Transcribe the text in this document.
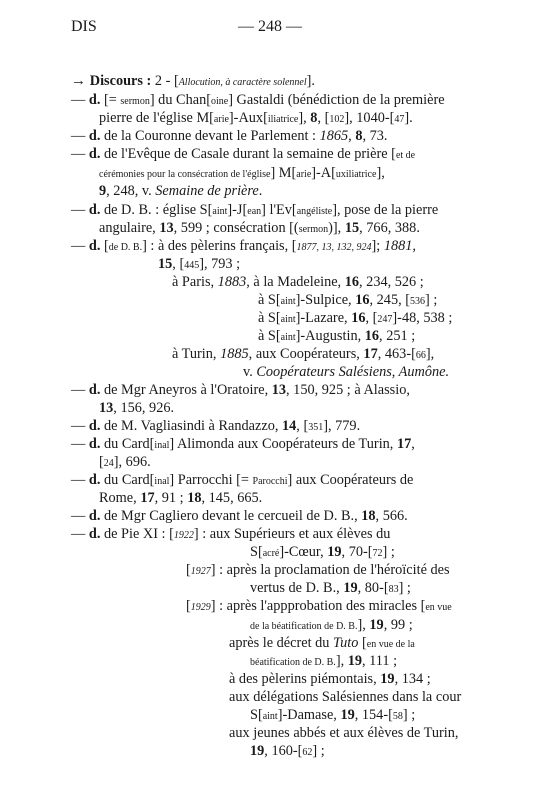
DIS	— 248 —
→ Discours : 2 - [Allocution, à caractère solennel].
— d. [= sermon] du Chan[oine] Gastaldi (bénédiction de la première
pierre de l'église M[arie]-Aux[iliatrice], 8, [102], 1040-[47].
— d. de la Couronne devant le Parlement : 1865, 8, 73.
— d. de l'Evêque de Casale durant la semaine de prière [et de
cérémonies pour la consécration de l'église] M[arie]-A[uxiliatrice],
9, 248, v. Semaine de prière.
— d. de D. B. : église S[aint]-J[ean] l'Ev[angéliste], pose de la pierre
angulaire, 13, 599 ; consécration [(sermon)], 15, 766, 388.
— d. [de D. B.] : à des pèlerins français, [1877, 13, 132, 924]; 1881,
15, [445], 793 ;
à Paris, 1883, à la Madeleine, 16, 234, 526 ;
à S[aint]-Sulpice, 16, 245, [536] ;
à S[aint]-Lazare, 16, [247]-48, 538 ;
à S[aint]-Augustin, 16, 251 ;
à Turin, 1885, aux Coopérateurs, 17, 463-[66],
v. Coopérateurs Salésiens, Aumône.
— d. de Mgr Aneyros à l'Oratoire, 13, 150, 925 ; à Alassio,
13, 156, 926.
— d. de M. Vagliasindi à Randazzo, 14, [351], 779.
— d. du Card[inal] Alimonda aux Coopérateurs de Turin, 17,
[24], 696.
— d. du Card[inal] Parrocchi [= Parocchi] aux Coopérateurs de
Rome, 17, 91 ; 18, 145, 665.
— d. de Mgr Cagliero devant le cercueil de D. B., 18, 566.
— d. de Pie XI : [1922] : aux Supérieurs et aux élèves du
S[acré]-Cœur, 19, 70-[72] ;
[1927] : après la proclamation de l'héroïcité des
vertus de D. B., 19, 80-[83] ;
[1929] : après l'appprobation des miracles [en vue
de la béatification de D. B.], 19, 99 ;
après le décret du Tuto [en vue de la
béatification de D. B.], 19, 111 ;
à des pèlerins piémontais, 19, 134 ;
aux délégations Salésiennes dans la cour
S[aint]-Damase, 19, 154-[58] ;
aux jeunes abbés et aux élèves de Turin,
19, 160-[62] ;
